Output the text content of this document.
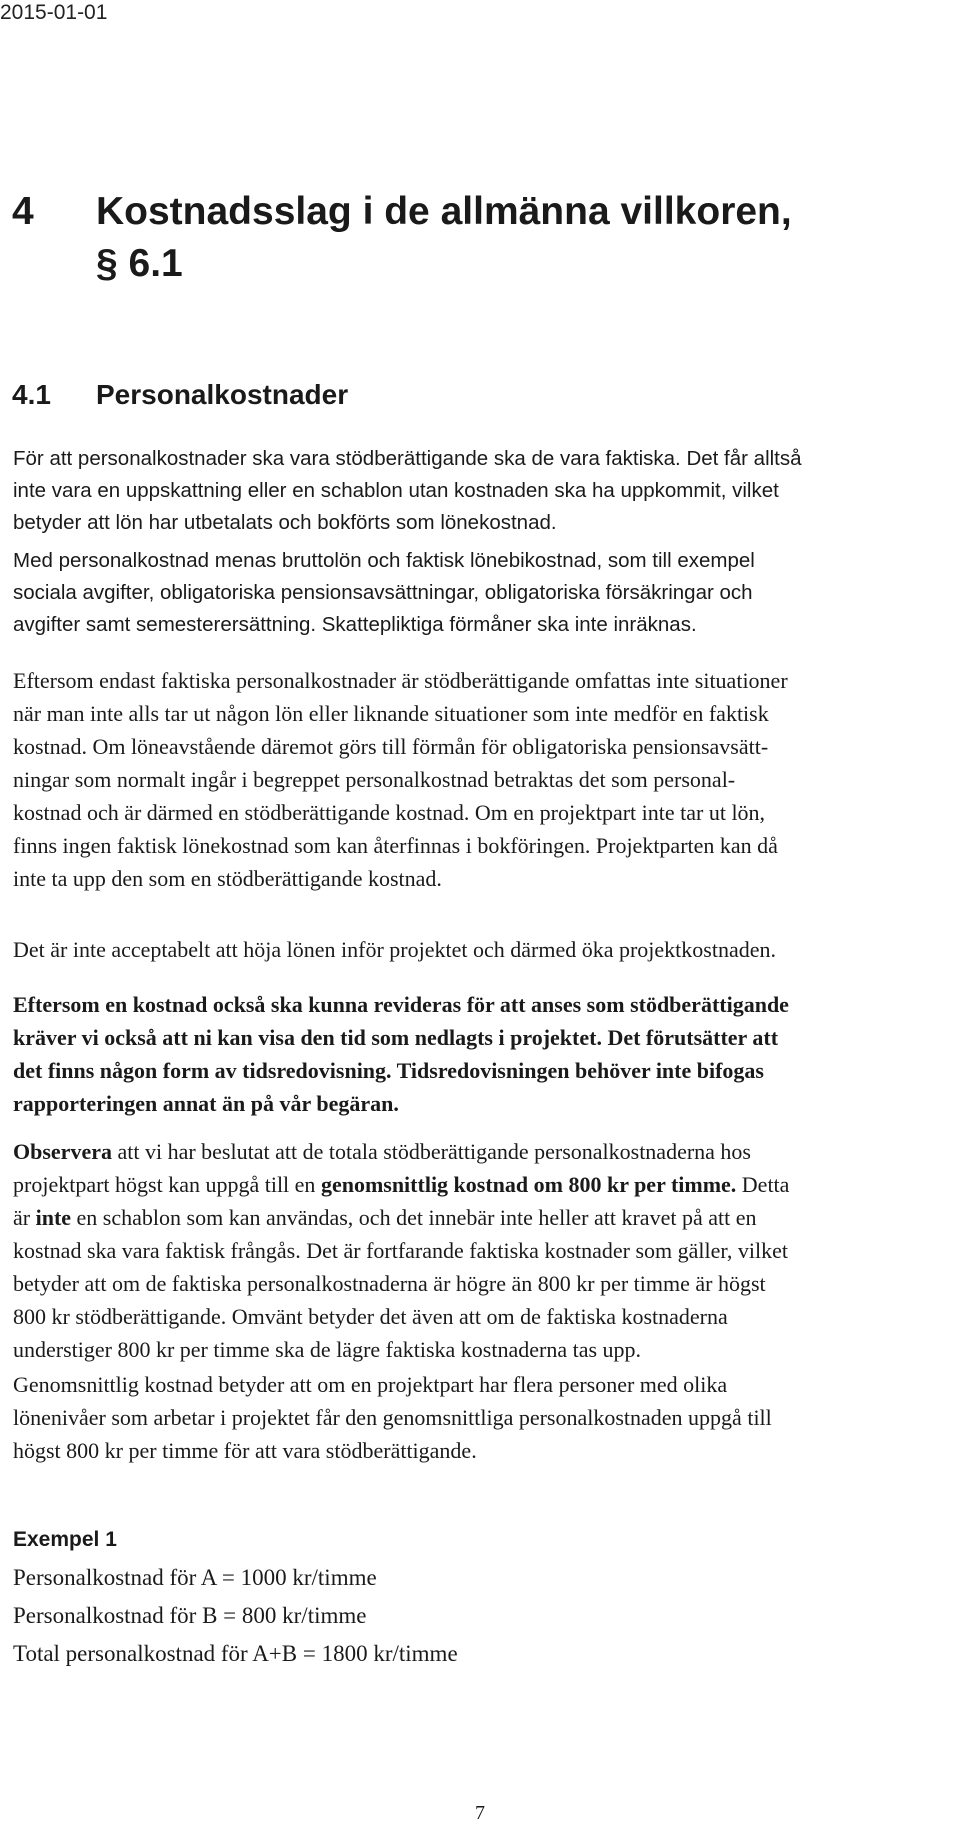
2015-01-01
4 Kostnadsslag i de allmänna villkoren,
§ 6.1
4.1 Personalkostnader

För att personalkostnader ska vara stödberättigande ska de vara faktiska. Det får alltså
inte vara en uppskattning eller en schablon utan kostnaden ska ha uppkommit, vilket
betyder att lön har utbetalats och bokförts som lönekostnad.

Med personalkostnad menas bruttolön och faktisk lönebikostnad, som till exempel
sociala avgifter, obligatoriska pensionsavsättningar, obligatoriska försäkringar och
avgifter samt semesterersättning. Skattepliktiga förmåner ska inte inräknas.

Eftersom endast faktiska personalkostnader är stödberättigande omfattas inte situationer
när man inte alls tar ut någon lön eller liknande situationer som inte medför en faktisk
kostnad. Om löneavstående däremot görs till förmån för obligatoriska pensionsavsätt-
ningar som normalt ingår i begreppet personalkostnad betraktas det som personal-
kostnad och är därmed en stödberättigande kostnad. Om en projektpart inte tar ut lön,
finns ingen faktisk lönekostnad som kan återfinnas i bokföringen. Projektparten kan då
inte ta upp den som en stödberättigande kostnad.

Det är inte acceptabelt att höja lönen inför projektet och därmed öka projektkostnaden.

Eftersom en kostnad också ska kunna revideras för att anses som stödberättigande
kräver vi också att ni kan visa den tid som nedlagts i projektet. Det förutsätter att
det finns någon form av tidsredovisning. Tidsredovisningen behöver inte bifogas
rapporteringen annat än på vår begäran.

Observera att vi har beslutat att de totala stödberättigande personalkostnaderna hos
projektpart högst kan uppgå till en genomsnittlig kostnad om 800 kr per timme. Detta
är inte en schablon som kan användas, och det innebär inte heller att kravet på att en
kostnad ska vara faktisk frångås. Det är fortfarande faktiska kostnader som gäller, vilket
betyder att om de faktiska personalkostnaderna är högre än 800 kr per timme är högst
800 kr stödberättigande. Omvänt betyder det även att om de faktiska kostnaderna
understiger 800 kr per timme ska de lägre faktiska kostnaderna tas upp.

Genomsnittlig kostnad betyder att om en projektpart har flera personer med olika
lönenivåer som arbetar i projektet får den genomsnittliga personalkostnaden uppgå till
högst 800 kr per timme för att vara stödberättigande.

Exempel 1

Personalkostnad för A = 1000 kr/timme
Personalkostnad för B = 800 kr/timme
Total personalkostnad för A+B = 1800 kr/timme

7
